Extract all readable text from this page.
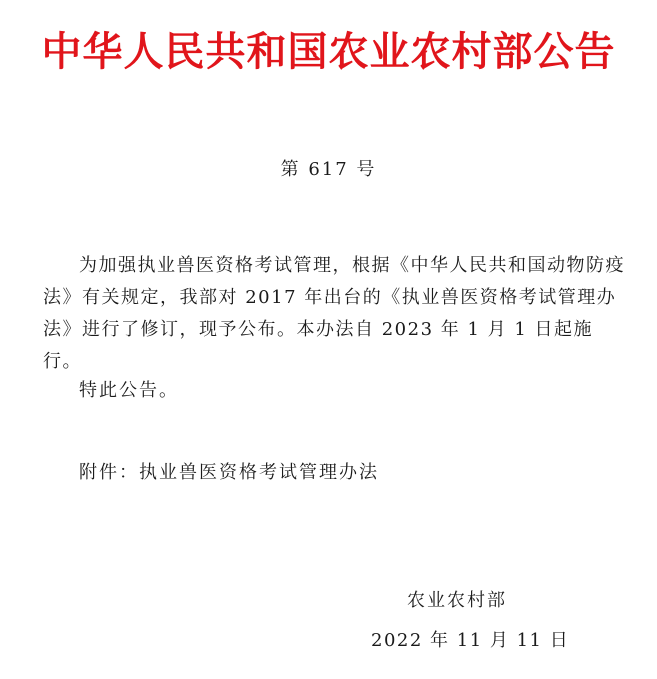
中华人民共和国农业农村部公告
第 617 号

为加强执业兽医资格考试管理，根据《中华人民共和国动物防疫法》有关规定，我部对 2017 年出台的《执业兽医资格考试管理办法》进行了修订，现予公布。本办法自 2023 年 1 月 1 日起施行。

特此公告。

附件：执业兽医资格考试管理办法

农业农村部

2022 年 11 月 11 日
